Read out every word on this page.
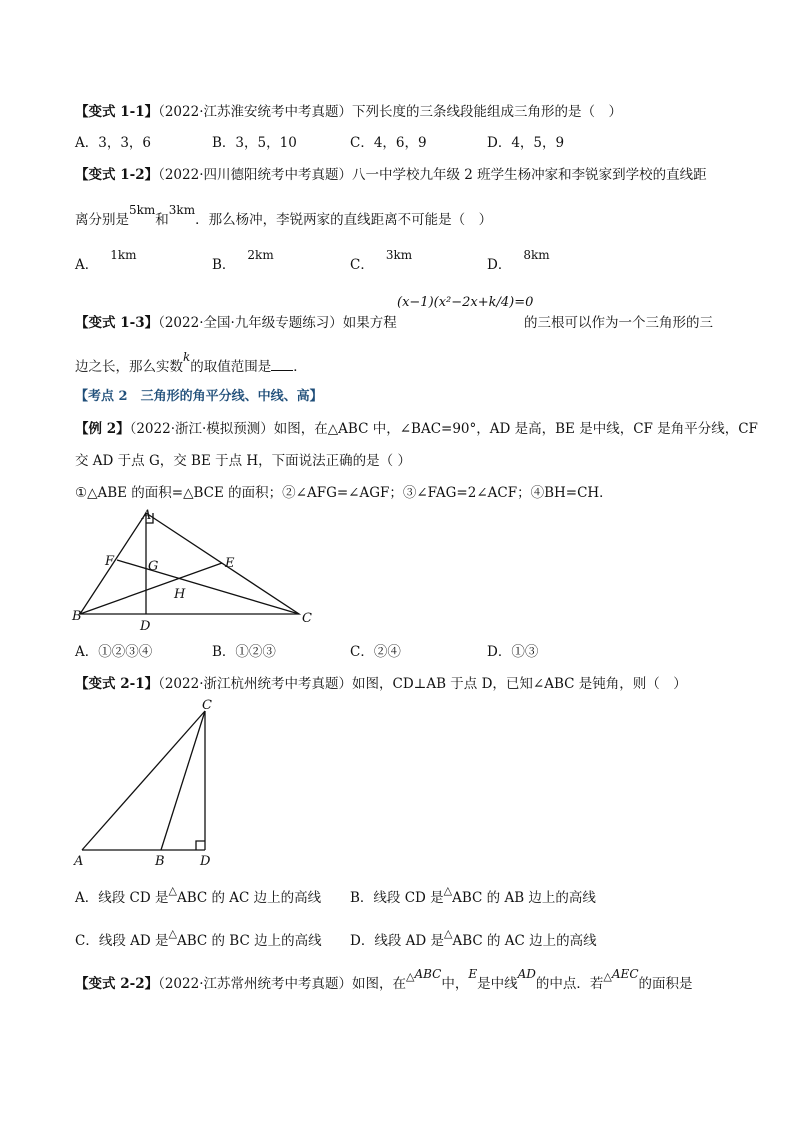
【变式 1-1】（2022·江苏淮安统考中考真题）下列长度的三条线段能组成三角形的是（　）
A．3，3，6	B．3，5，10	C．4，6，9	D．4，5，9
【变式 1-2】（2022·四川德阳统考中考真题）八一中学校九年级 2 班学生杨冲家和李锐家到学校的直线距
离分别是5km和3km．那么杨冲，李锐两家的直线距离不可能是（　）
A．1km
B．2km
C．3km
D．8km
【变式 1-3】（2022·全国·九年级专题练习）如果方程
(x−1)(x²−2x+k/4)=0
的三根可以作为一个三角形的三
边之长，那么实数k的取值范围是 ．
【考点 2　三角形的角平分线、中线、高】
【例 2】（2022·浙江·模拟预测）如图，在△ABC 中，∠BAC=90°，AD 是高，BE 是中线，CF 是角平分线，CF
交 AD 于点 G，交 BE 于点 H，下面说法正确的是（ ）
①△ABE 的面积=△BCE 的面积；②∠AFG=∠AGF；③∠FAG=2∠ACF；④BH=CH．
A
B	C
D
E
F	G
H
A．①②③④	B．①②③	C．②④	D．①③
【变式 2-1】（2022·浙江杭州统考中考真题）如图，CD⊥AB 于点 D，已知∠ABC 是钝角，则（　）
A	B
C
D
A．线段 CD 是△ABC 的 AC 边上的高线 B．线段 CD 是△ABC 的 AB 边上的高线
C．线段 AD 是△ABC 的 BC 边上的高线 D．线段 AD 是△ABC 的 AC 边上的高线
【变式 2-2】（2022·江苏常州统考中考真题）如图，在△ABC中，E是中线AD的中点．若△AEC的面积是
